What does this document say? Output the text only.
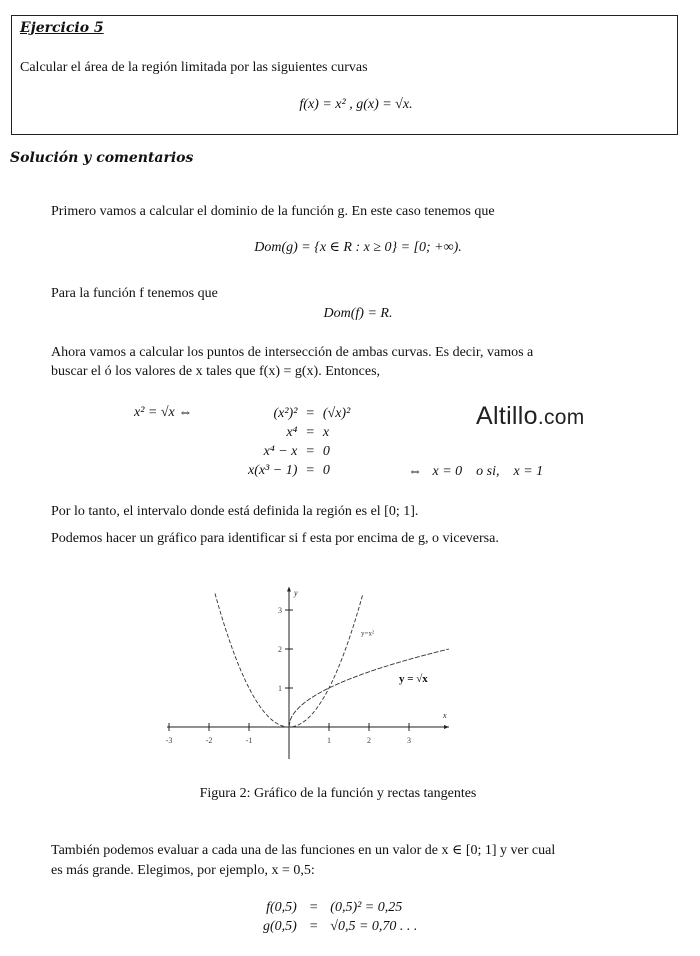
Ejercicio 5
Calcular el área de la región limitada por las siguientes curvas
f(x) = x² , g(x) = √x.
Solución y comentarios
Primero vamos a calcular el dominio de la función g. En este caso tenemos que
Dom(g) = {x ∈ R : x ≥ 0} = [0; +∞).
Para la función f tenemos que
Dom(f) = R.
Ahora vamos a calcular los puntos de intersección de ambas curvas. Es decir, vamos a
buscar el ó los valores de x tales que f(x) = g(x). Entonces,
x² = √x ⇔	(x²)²	=	(√x)²
x⁴	=	x
x⁴ − x	=	0
x(x³ − 1)	=	0	⇔   x = 0    o si,    x = 1
Altillo.com
Por lo tanto, el intervalo donde está definida la región es el [0; 1].
Podemos hacer un gráfico para identificar si f esta por encima de g, o viceversa.
-3	-2	-1	1	2	3
1
2
3
y
x
y=x²
y = √x
Figura 2: Gráfico de la función y rectas tangentes
También podemos evaluar a cada una de las funciones en un valor de x ∈ [0; 1] y ver cual
es más grande. Elegimos, por ejemplo, x = 0,5:
f(0,5)	=	(0,5)² = 0,25
g(0,5)	=	√0,5 = 0,70 . . .
